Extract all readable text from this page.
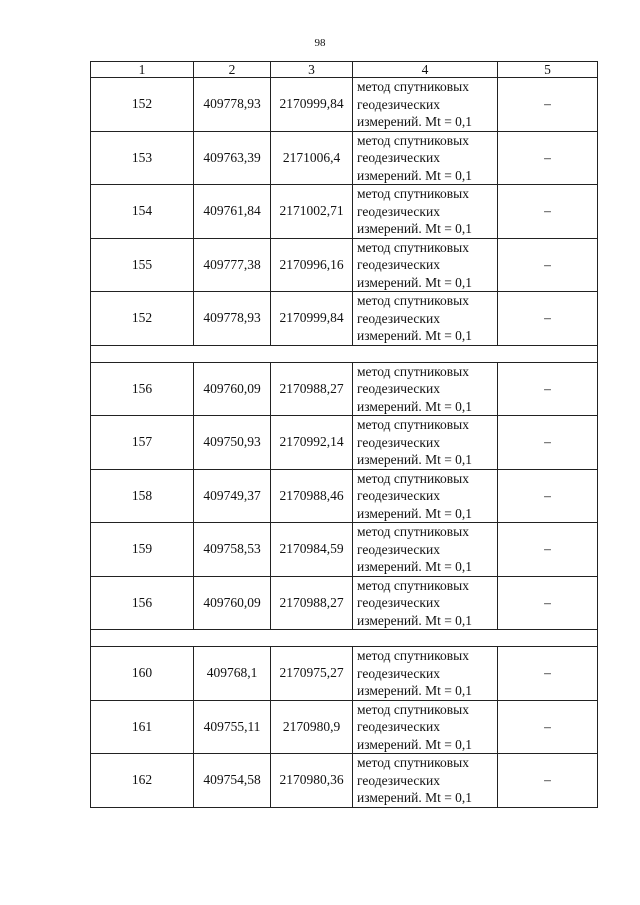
98
1	2	3	4	5
152	409778,93	2170999,84	метод спутниковых
геодезических
измерений. Mt = 0,1	–
153	409763,39	2171006,4	метод спутниковых
геодезических
измерений. Mt = 0,1	–
154	409761,84	2171002,71	метод спутниковых
геодезических
измерений. Mt = 0,1	–
155	409777,38	2170996,16	метод спутниковых
геодезических
измерений. Mt = 0,1	–
152	409778,93	2170999,84	метод спутниковых
геодезических
измерений. Mt = 0,1	–

156	409760,09	2170988,27	метод спутниковых
геодезических
измерений. Mt = 0,1	–
157	409750,93	2170992,14	метод спутниковых
геодезических
измерений. Mt = 0,1	–
158	409749,37	2170988,46	метод спутниковых
геодезических
измерений. Mt = 0,1	–
159	409758,53	2170984,59	метод спутниковых
геодезических
измерений. Mt = 0,1	–
156	409760,09	2170988,27	метод спутниковых
геодезических
измерений. Mt = 0,1	–

160	409768,1	2170975,27	метод спутниковых
геодезических
измерений. Mt = 0,1	–
161	409755,11	2170980,9	метод спутниковых
геодезических
измерений. Mt = 0,1	–
162	409754,58	2170980,36	метод спутниковых
геодезических
измерений. Mt = 0,1	–
